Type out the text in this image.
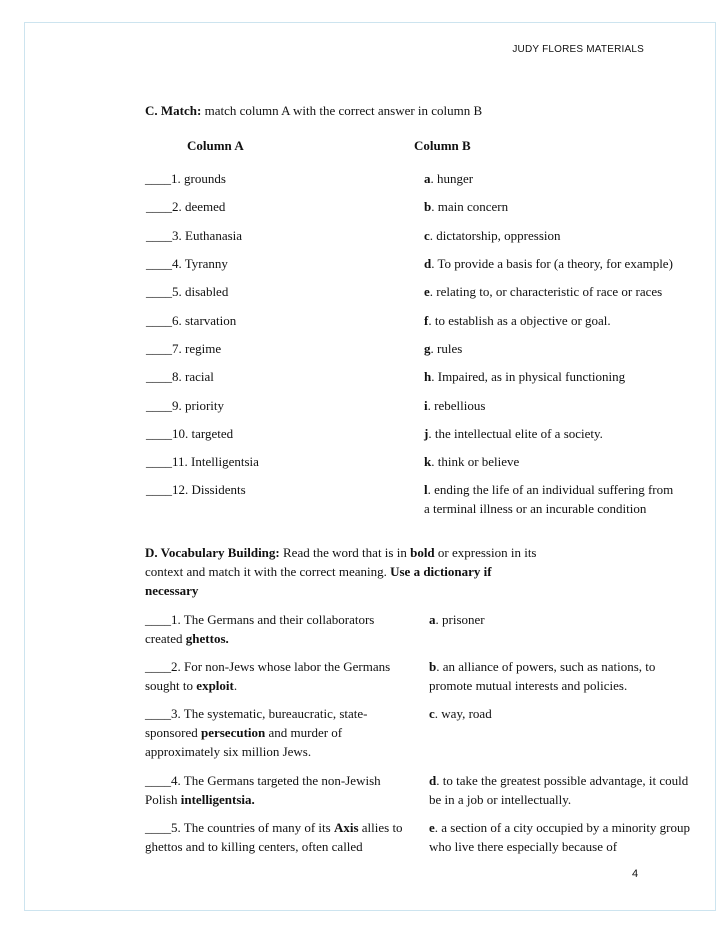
JUDY FLORES MATERIALS
C. Match: match column A with the correct answer in column B
Column A	Column B
____1. grounds
____2. deemed
____3. Euthanasia
____4. Tyranny
____5. disabled
____6. starvation
____7. regime
____8. racial
____9. priority
____10. targeted
____11. Intelligentsia
____12. Dissidents
a. hunger
b. main concern
c. dictatorship, oppression
d. To provide a basis for (a theory, for example)
e. relating to, or characteristic of race or races
f. to establish as a objective or goal.
g. rules
h. Impaired, as in physical functioning
i. rebellious
j. the intellectual elite of a society.
k. think or believe
l. ending the life of an individual suffering from
a terminal illness or an incurable condition
D. Vocabulary Building: Read the word that is in bold or expression in its
context and match it with the correct meaning. Use a dictionary if
necessary
____1. The Germans and their collaborators created ghettos.
____2. For non-Jews whose labor the Germans sought to exploit.
____3. The systematic, bureaucratic, state-sponsored persecution and murder of approximately six million Jews.
____4. The Germans targeted the non-Jewish Polish intelligentsia.
____5. The countries of many of its Axis allies to ghettos and to killing centers, often called
a. prisoner
b. an alliance of powers, such as nations, to promote mutual interests and policies.
c. way, road
d. to take the greatest possible advantage, it could be in a job or intellectually.
e. a section of a city occupied by a minority group who live there especially because of
4
